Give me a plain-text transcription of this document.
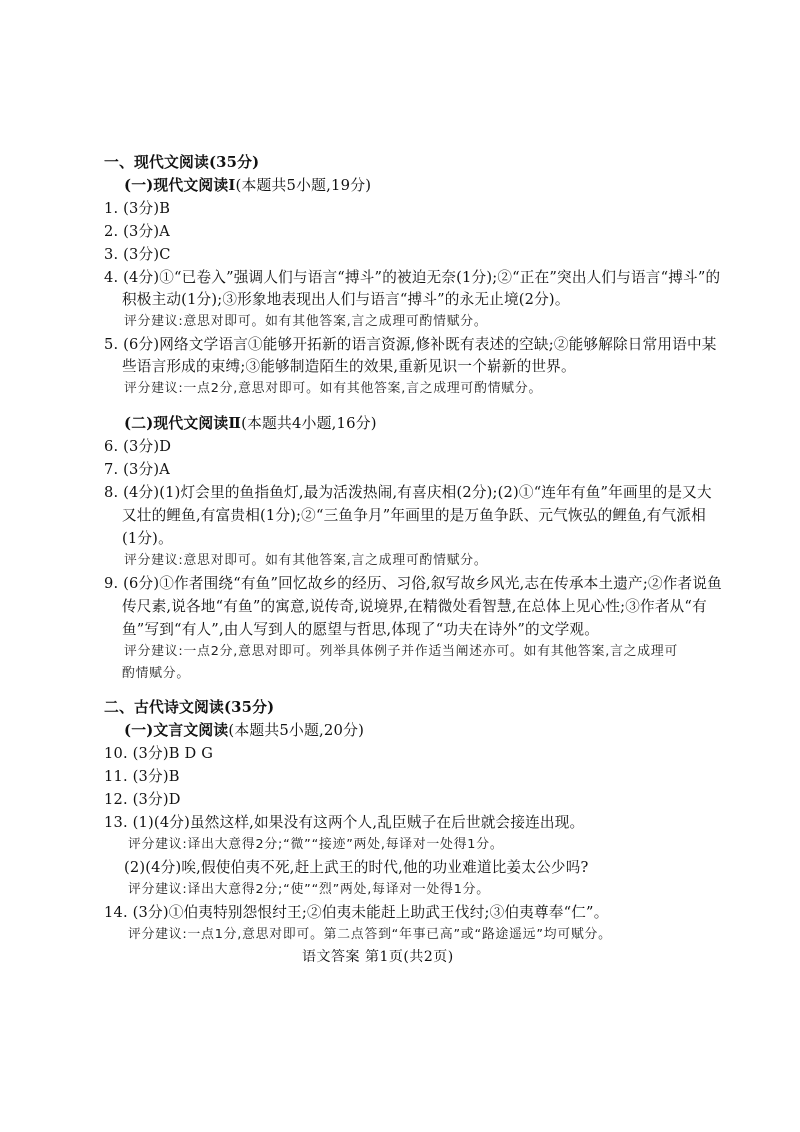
一、现代文阅读(35分)
(一)现代文阅读Ⅰ(本题共5小题,19分)
1. (3分)B
2. (3分)A
3. (3分)C
4. (4分)①“已卷入”强调人们与语言“搏斗”的被迫无奈(1分);②“正在”突出人们与语言“搏斗”的
积极主动(1分);③形象地表现出人们与语言“搏斗”的永无止境(2分)。
评分建议:意思对即可。如有其他答案,言之成理可酌情赋分。
5. (6分)网络文学语言①能够开拓新的语言资源,修补既有表述的空缺;②能够解除日常用语中某
些语言形成的束缚;③能够制造陌生的效果,重新见识一个崭新的世界。
评分建议:一点2分,意思对即可。如有其他答案,言之成理可酌情赋分。
(二)现代文阅读Ⅱ(本题共4小题,16分)
6. (3分)D
7. (3分)A
8. (4分)(1)灯会里的鱼指鱼灯,最为活泼热闹,有喜庆相(2分);(2)①“连年有鱼”年画里的是又大
又壮的鲤鱼,有富贵相(1分);②“三鱼争月”年画里的是万鱼争跃、元气恢弘的鲤鱼,有气派相
(1分)。
评分建议:意思对即可。如有其他答案,言之成理可酌情赋分。
9. (6分)①作者围绕“有鱼”回忆故乡的经历、习俗,叙写故乡风光,志在传承本土遗产;②作者说鱼
传尺素,说各地“有鱼”的寓意,说传奇,说境界,在精微处看智慧,在总体上见心性;③作者从“有
鱼”写到“有人”,由人写到人的愿望与哲思,体现了“功夫在诗外”的文学观。
评分建议:一点2分,意思对即可。列举具体例子并作适当阐述亦可。如有其他答案,言之成理可
酌情赋分。
二、古代诗文阅读(35分)
(一)文言文阅读(本题共5小题,20分)
10. (3分)B D G
11. (3分)B
12. (3分)D
13. (1)(4分)虽然这样,如果没有这两个人,乱臣贼子在后世就会接连出现。
评分建议:译出大意得2分;“微”“接迹”两处,每译对一处得1分。
(2)(4分)唉,假使伯夷不死,赶上武王的时代,他的功业难道比姜太公少吗?
评分建议:译出大意得2分;“使”“烈”两处,每译对一处得1分。
14. (3分)①伯夷特别怨恨纣王;②伯夷未能赶上助武王伐纣;③伯夷尊奉“仁”。
评分建议:一点1分,意思对即可。第二点答到“年事已高”或“路途遥远”均可赋分。
语文答案 第1页(共2页)
